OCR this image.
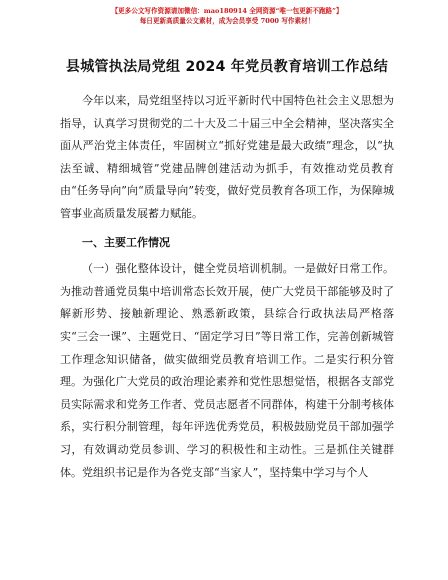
【更多公文写作资源请加微信：mao180914 全网资源“唯一包更新不跑路”】
每日更新高质量公文素材，成为会员享受 7000 写作素材！
县城管执法局党组 2024 年党员教育培训工作总结

今年以来，局党组坚持以习近平新时代中国特色社会主义思想为指导，认真学习贯彻党的二十大及二十届三中全会精神，坚决落实全面从严治党主体责任，牢固树立“抓好党建是最大政绩”理念，以“执法至诚、精细城管”党建品牌创建活动为抓手，有效推动党员教育由“任务导向”向“质量导向”转变，做好党员教育各项工作，为保障城管事业高质量发展蓄力赋能。

一、主要工作情况

（一）强化整体设计，健全党员培训机制。一是做好日常工作。为推动普通党员集中培训常态长效开展，使广大党员干部能够及时了解新形势、接触新理论、熟悉新政策，县综合行政执法局严格落实“三会一课”、主题党日、“固定学习日”等日常工作，完善创新城管工作理念知识储备，做实做细党员教育培训工作。二是实行积分管理。为强化广大党员的政治理论素养和党性思想觉悟，根据各支部党员实际需求和党务工作者、党员志愿者不同群体，构建干分制考核体系，实行积分制管理，每年评选优秀党员，积极鼓励党员干部加强学习，有效调动党员参训、学习的积极性和主动性。三是抓住关键群体。党组织书记是作为各党支部“当家人”，坚持集中学习与个人
